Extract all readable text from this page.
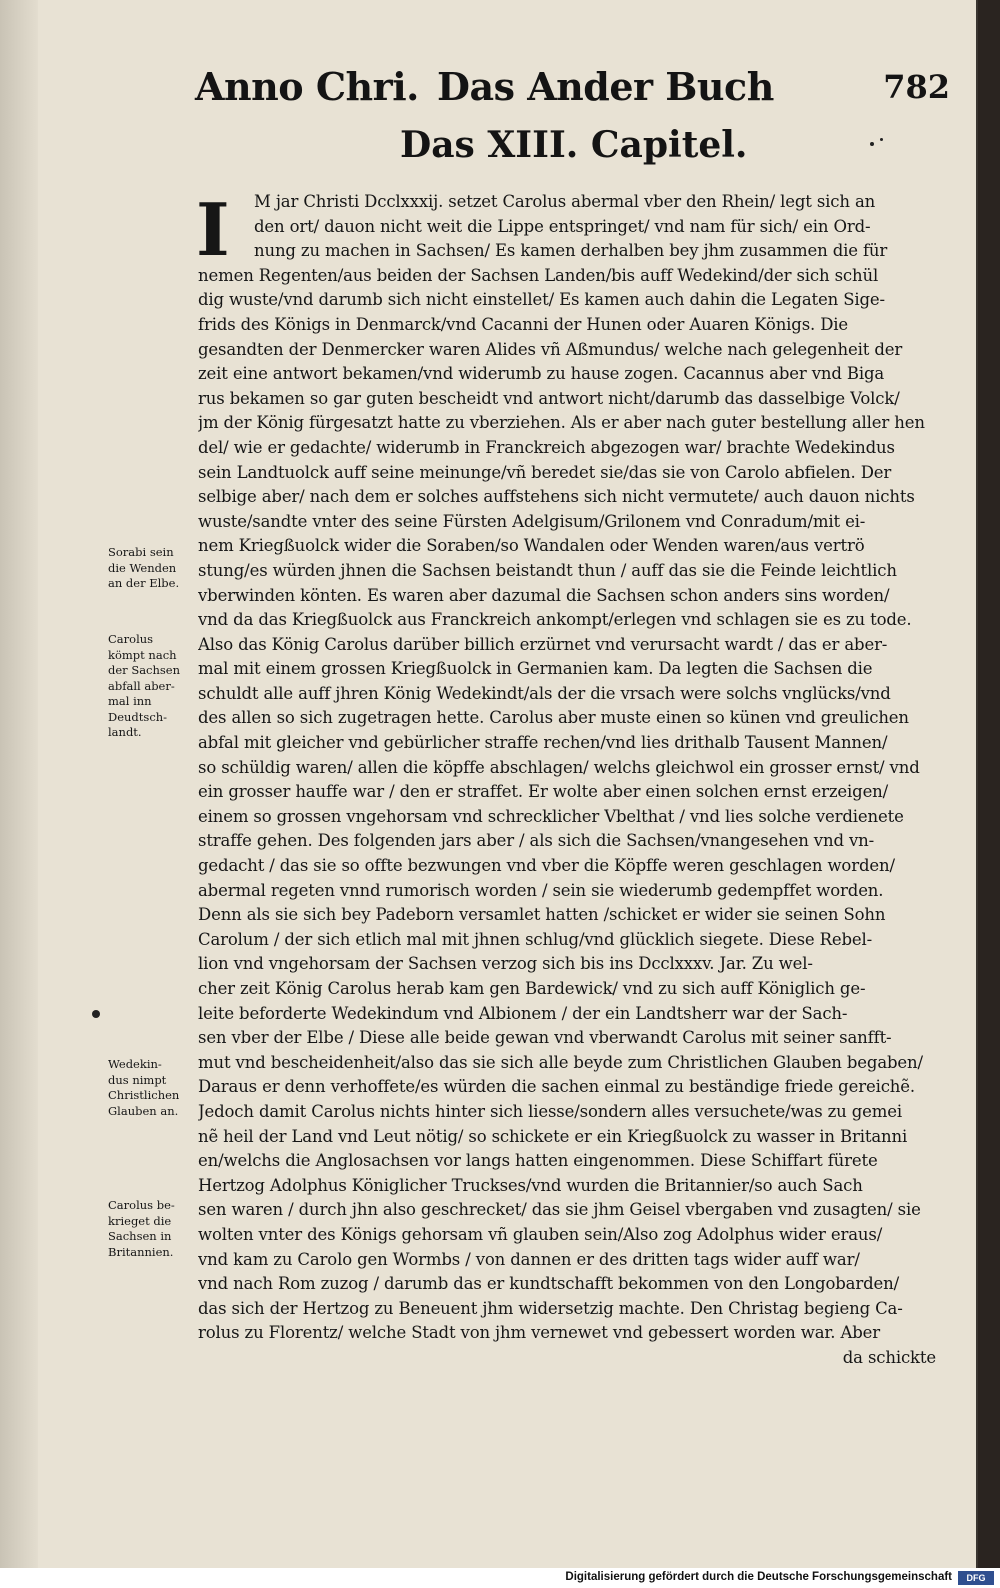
Anno Chri. Das Ander Buch	782
Das XIII. Capitel.
I	M jar Christi Dcclxxxij. setzet Carolus abermal vber den Rhein/ legt sich an
den ort/ dauon nicht weit die Lippe entspringet/ vnd nam für sich/ ein Ord-
nung zu machen in Sachsen/ Es kamen derhalben bey jhm zusammen die für
nemen Regenten/aus beiden der Sachsen Landen/bis auff Wedekind/der sich schül
dig wuste/vnd darumb sich nicht einstellet/ Es kamen auch dahin die Legaten Sige-
frids des Königs in Denmarck/vnd Cacanni der Hunen oder Auaren Königs. Die
gesandten der Denmercker waren Alides vñ Aßmundus/ welche nach gelegenheit der
zeit eine antwort bekamen/vnd widerumb zu hause zogen. Cacannus aber vnd Biga
rus bekamen so gar guten bescheidt vnd antwort nicht/darumb das dasselbige Volck/
jm der König fürgesatzt hatte zu vberziehen. Als er aber nach guter bestellung aller hen
del/ wie er gedachte/ widerumb in Franckreich abgezogen war/ brachte Wedekindus
sein Landtuolck auff seine meinunge/vñ beredet sie/das sie von Carolo abfielen. Der
selbige aber/ nach dem er solches auffstehens sich nicht vermutete/ auch dauon nichts
wuste/sandte vnter des seine Fürsten Adelgisum/Grilonem vnd Conradum/mit ei-
nem Kriegßuolck wider die Soraben/so Wandalen oder Wenden waren/aus vertrö
stung/es würden jhnen die Sachsen beistandt thun / auff das sie die Feinde leichtlich
vberwinden könten. Es waren aber dazumal die Sachsen schon anders sins worden/
vnd da das Kriegßuolck aus Franckreich ankompt/erlegen vnd schlagen sie es zu tode.
Also das König Carolus darüber billich erzürnet vnd verursacht wardt / das er aber-
mal mit einem grossen Kriegßuolck in Germanien kam. Da legten die Sachsen die
schuldt alle auff jhren König Wedekindt/als der die vrsach were solchs vnglücks/vnd
des allen so sich zugetragen hette. Carolus aber muste einen so künen vnd greulichen
abfal mit gleicher vnd gebürlicher straffe rechen/vnd lies drithalb Tausent Mannen/
so schüldig waren/ allen die köpffe abschlagen/ welchs gleichwol ein grosser ernst/ vnd
ein grosser hauffe war / den er straffet. Er wolte aber einen solchen ernst erzeigen/
einem so grossen vngehorsam vnd schrecklicher Vbelthat / vnd lies solche verdienete
straffe gehen. Des folgenden jars aber / als sich die Sachsen/vnangesehen vnd vn-
gedacht / das sie so offte bezwungen vnd vber die Köpffe weren geschlagen worden/
abermal regeten vnnd rumorisch worden / sein sie wiederumb gedempffet worden.
Denn als sie sich bey Padeborn versamlet hatten /schicket er wider sie seinen Sohn
Carolum / der sich etlich mal mit jhnen schlug/vnd glücklich siegete. Diese Rebel-
lion vnd vngehorsam der Sachsen verzog sich bis ins Dcclxxxv. Jar. Zu wel-
cher zeit König Carolus herab kam gen Bardewick/ vnd zu sich auff Königlich ge-
leite beforderte Wedekindum vnd Albionem / der ein Landtsherr war der Sach-
sen vber der Elbe / Diese alle beide gewan vnd vberwandt Carolus mit seiner sanfft-
mut vnd bescheidenheit/also das sie sich alle beyde zum Christlichen Glauben begaben/
Daraus er denn verhoffete/es würden die sachen einmal zu beständige friede gereichẽ.
Jedoch damit Carolus nichts hinter sich liesse/sondern alles versuchete/was zu gemei
nẽ heil der Land vnd Leut nötig/ so schickete er ein Kriegßuolck zu wasser in Britanni
en/welchs die Anglosachsen vor langs hatten eingenommen. Diese Schiffart fürete
Hertzog Adolphus Königlicher Truckses/vnd wurden die Britannier/so auch Sach
sen waren / durch jhn also geschrecket/ das sie jhm Geisel vbergaben vnd zusagten/ sie
wolten vnter des Königs gehorsam vñ glauben sein/Also zog Adolphus wider eraus/
vnd kam zu Carolo gen Wormbs / von dannen er des dritten tags wider auff war/
vnd nach Rom zuzog / darumb das er kundtschafft bekommen von den Longobarden/
das sich der Hertzog zu Beneuent jhm widersetzig machte. Den Christag begieng Ca-
rolus zu Florentz/ welche Stadt von jhm vernewet vnd gebessert worden war. Aber
da schickte
Sorabi sein
die Wenden
an der Elbe.
Carolus
kömpt nach
der Sachsen
abfall aber-
mal inn
Deudtsch-
landt.
Wedekin-
dus nimpt
Christlichen
Glauben an.
Carolus be-
krieget die
Sachsen in
Britannien.
Digitalisierung gefördert durch die Deutsche Forschungsgemeinschaft	DFG
